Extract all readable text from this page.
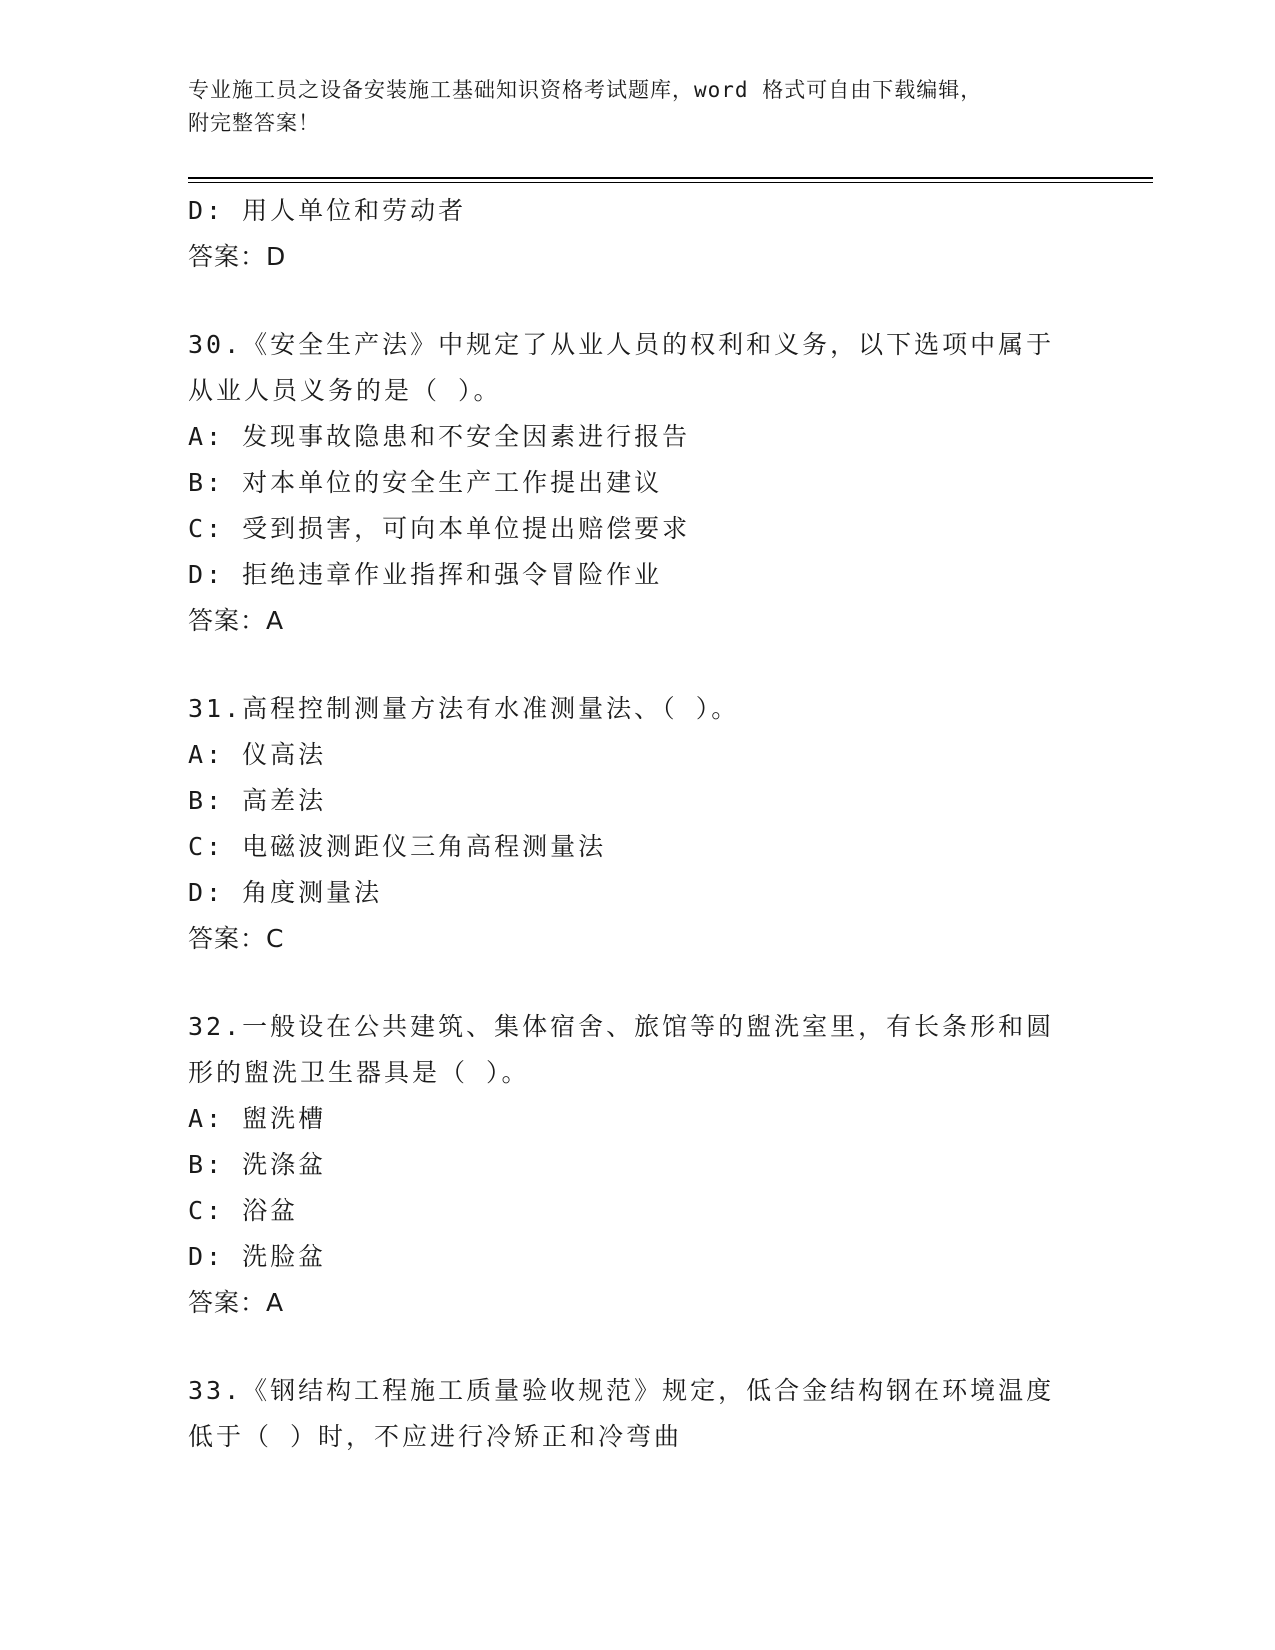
专业施工员之设备安装施工基础知识资格考试题库，word 格式可自由下载编辑，
附完整答案！
D: 用人单位和劳动者
答案：D
30.《安全生产法》中规定了从业人员的权利和义务，以下选项中属于
从业人员义务的是（ ）。
A: 发现事故隐患和不安全因素进行报告
B: 对本单位的安全生产工作提出建议
C: 受到损害，可向本单位提出赔偿要求
D: 拒绝违章作业指挥和强令冒险作业
答案：A
31.高程控制测量方法有水准测量法、（ ）。
A: 仪高法
B: 高差法
C: 电磁波测距仪三角高程测量法
D: 角度测量法
答案：C
32.一般设在公共建筑、集体宿舍、旅馆等的盥洗室里，有长条形和圆
形的盥洗卫生器具是（ ）。
A: 盥洗槽
B: 洗涤盆
C: 浴盆
D: 洗脸盆
答案：A
33.《钢结构工程施工质量验收规范》规定，低合金结构钢在环境温度
低于（ ）时，不应进行冷矫正和冷弯曲
